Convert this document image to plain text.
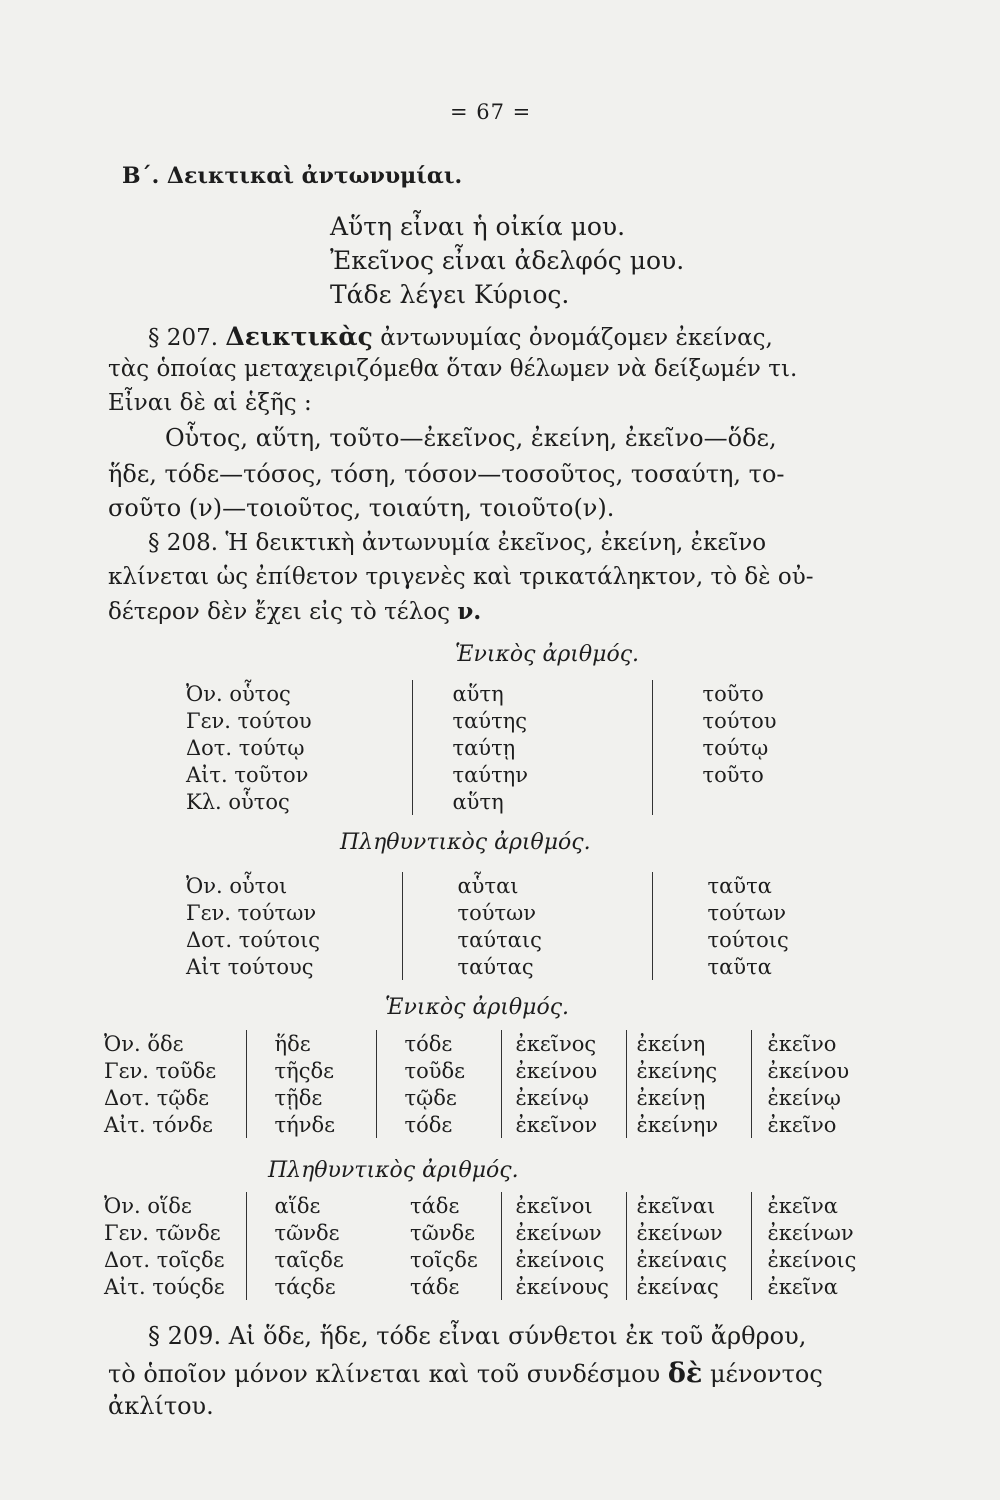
= 67 =
Β΄. Δεικτικαὶ ἀντωνυμίαι.
Αὕτη εἶναι ἡ οἰκία μου.
Ἐκεῖνος εἶναι ἀδελφός μου.
Τάδε λέγει Κύριος.
§ 207. Δεικτικὰς ἀντωνυμίας ὀνομάζομεν ἐκείνας,
τὰς ὁποίας μεταχειριζόμεθα ὅταν θέλωμεν νὰ δείξωμέν τι.
Εἶναι δὲ αἱ ἑξῆς :
Οὗτος, αὕτη, τοῦτο—ἐκεῖνος, ἐκείνη, ἐκεῖνο—ὅδε,
ἥδε, τόδε—τόσος, τόση, τόσον—τοσοῦτος, τοσαύτη, το-
σοῦτο (ν)—τοιοῦτος, τοιαύτη, τοιοῦτο(ν).
§ 208. Ἡ δεικτικὴ ἀντωνυμία ἐκεῖνος, ἐκείνη, ἐκεῖνο
κλίνεται ὡς ἐπίθετον τριγενὲς καὶ τρικατάληκτον, τὸ δὲ οὐ-
δέτερον δὲν ἔχει εἰς τὸ τέλος ν.
Ἑνικὸς ἀριθμός.
Ὀν. οὗτος	αὕτη	τοῦτο
Γεν. τούτου	ταύτης	τούτου
Δοτ. τούτῳ	ταύτῃ	τούτῳ
Αἰτ. τοῦτον	ταύτην	τοῦτο
Κλ. οὗτος	αὕτη	
Πληθυντικὸς ἀριθμός.
Ὀν. οὗτοι	αὗται	ταῦτα
Γεν. τούτων	τούτων	τούτων
Δοτ. τούτοις	ταύταις	τούτοις
Αἰτ τούτους	ταύτας	ταῦτα
Ἑνικὸς ἀριθμός.
Ὀν. ὅδε	ἥδε	τόδε	ἐκεῖνος	ἐκείνη	ἐκεῖνο
Γεν. τοῦδε	τῆςδε	τοῦδε	ἐκείνου	ἐκείνης	ἐκείνου
Δοτ. τῷδε	τῇδε	τῷδε	ἐκείνῳ	ἐκείνῃ	ἐκείνῳ
Αἰτ. τόνδε	τήνδε	τόδε	ἐκεῖνον	ἐκείνην	ἐκεῖνο
Πληθυντικὸς ἀριθμός.
Ὀν. οἵδε	αἵδε	τάδε	ἐκεῖνοι	ἐκεῖναι	ἐκεῖνα
Γεν. τῶνδε	τῶνδε	τῶνδε	ἐκείνων	ἐκείνων	ἐκείνων
Δοτ. τοῖςδε	ταῖςδε	τοῖςδε	ἐκείνοις	ἐκείναις	ἐκείνοις
Αἰτ. τούςδε	τάςδε	τάδε	ἐκείνους	ἐκείνας	ἐκεῖνα
§ 209. Αἱ ὅδε, ἥδε, τόδε εἶναι σύνθετοι ἐκ τοῦ ἄρθρου,
τὸ ὁποῖον μόνον κλίνεται καὶ τοῦ συνδέσμου δὲ μένοντος
ἀκλίτου.
